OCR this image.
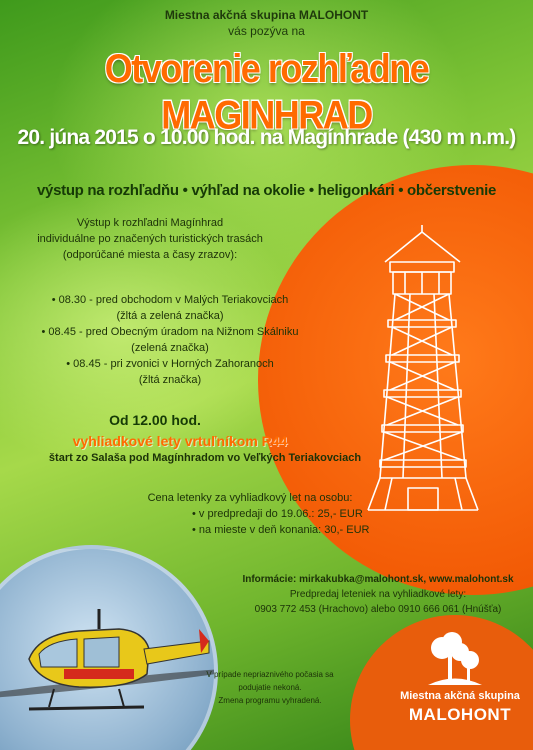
Miestna akčná skupina MALOHONT
vás pozýva na
Otvorenie rozhľadne MAGINHRAD
20. júna 2015 o 10.00 hod. na Magínhrade (430 m n.m.)
výstup na rozhľadňu • výhľad na okolie • heligonkári • občerstvenie
Výstup k rozhľadni Magínhrad
individuálne po značených turistických trasách
(odporúčané miesta a časy zrazov):
• 08.30 - pred obchodom v Malých Teriakovciach
(žltá a zelená značka)
• 08.45 - pred Obecným úradom na Nižnom Skálniku
(zelená značka)
• 08.45 - pri zvonici v Horných Zahoranoch
(žltá značka)
Od 12.00 hod.
vyhliadkové lety vrtuľníkom R44
štart zo Salaša pod Magínhradom vo Veľkých Teriakovciach
Cena letenky za vyhliadkový let na osobu:
• v predpredaji do 19.06.: 25,- EUR
• na mieste v deň konania: 30,- EUR
Informácie: mirkakubka@malohont.sk, www.malohont.sk
Predpredaj leteniek na vyhliadkové lety:
0903 772 453 (Hrachovo) alebo 0910 666 061 (Hnúšťa)
V prípade nepriaznivého počasia sa
podujatie nekoná.
Zmena programu vyhradená.	Miestna akčná skupina
MALOHONT
